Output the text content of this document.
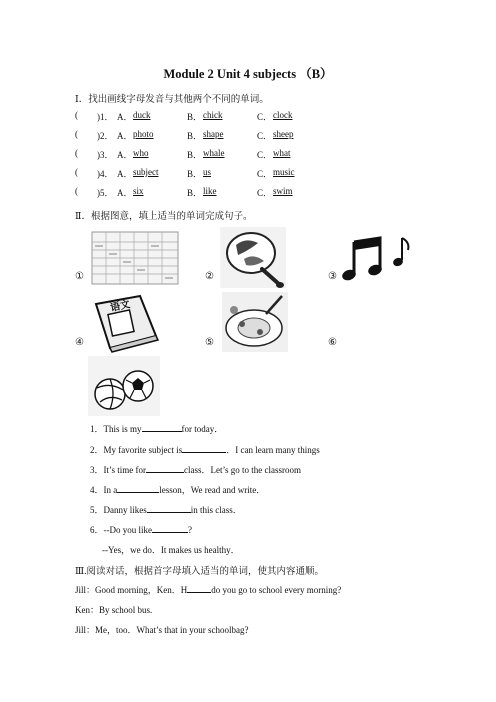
Module 2 Unit 4 subjects （B）
Ⅰ．找出画线字母发音与其他两个不同的单词。
( )1． A． duck	B． chick	C． clock
( )2． A． photo	B． shape	C． sheep
( )3． A． who	B． whale	C． what
( )4． A． subject	B． us	C． music
( )5． A． six	B． like	C． swim
Ⅱ．根据图意，填上适当的单词完成句子。
①	②	③
语文
④	⑤	⑥
1．This is my	for today．
2．My favorite subject is	．I can learn many things
3．It’s time for	class．Let’s go to the classroom
4．In a	lesson，We read and write．
5．Danny likes	in this class．
6．--Do you like	?
--Yes，we do．It makes us healthy．
Ⅲ.阅读对话，根据首字母填入适当的单词，使其内容通顺。
Jill：Good morning，Ken．H	do you go to school every morning?
Ken：By school bus.
Jill：Me，too．What’s that in your schoolbag?
